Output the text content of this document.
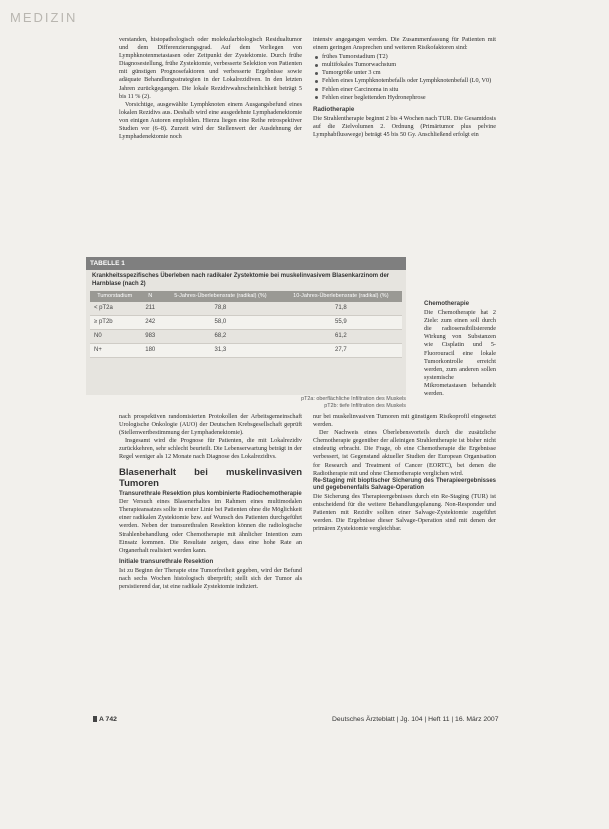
MEDIZIN

verstanden, histopathologisch oder molekularbiologisch Residualtumor und dem Differenzierungsgrad. Auf dem Vorliegen von Lymphknotenmetastasen oder Zeitpunkt der Zystektomie. Durch frühe Diagnosestellung, frühe Zystektomie, verbesserte Selektion von Patienten mit günstigen Prognosefaktoren und verbesserte Ergebnisse sowie adäquate Behandlungsstrategien in der Lokalrezidiven. In den letzten Jahren zurückgegangen. Die lokale Rezidivwahrscheinlichkeit beträgt 5 bis 11 % (2).

Vorsichtige, ausgewählte Lymphknoten einem Ausgangsbefund eines lokalen Rezidivs aus. Deshalb wird eine ausgedehnte Lymphadenektomie von einigen Autoren empfohlen. Hierzu liegen eine Reihe retrospektiver Studien vor (6–8). Zurzeit wird der Stellenwert der Ausdehnung der Lymphadenektomie noch

intensiv angegangen werden. Die Zusammenfassung für Patienten mit einem geringen Ansprechen und weiteren Risikofaktoren sind:

frühes Tumorstadium (T2)
multifokales Tumorwachstum
Tumorgröße unter 3 cm
Fehlen eines Lymphknotenbefalls oder Lymphknotenbefall (L0, V0)
Fehlen einer Carcinoma in situ
Fehlen einer begleitenden Hydronephrose
Radiotherapie

Die Strahlentherapie beginnt 2 bis 4 Wochen nach TUR. Die Gesamtdosis auf die Zielvolumen 2. Ordnung (Primärtumor plus pelvine Lymphabflusswege) beträgt 45 bis 50 Gy. Anschließend erfolgt ein

TABELLE 1
Krankheitsspezifisches Überleben nach radikaler Zystektomie bei muskelinvasivem Blasenkarzinom der Harnblase (nach 2)
Tumorstadium	N	5-Jahres-Überlebensrate (radikal) (%)	10-Jahres-Überlebensrate (radikal) (%)
< pT2a	211	78,8	71,8
≥ pT2b	242	58,0	55,9
N0	983	68,2	61,2
N+	180	31,3	27,7
pT2a: oberflächliche Infiltration des Muskels
pT2b: tiefe Infiltration des Muskels
Chemotherapie

Die Chemotherapie hat 2 Ziele: zum einen soll durch die radiosensibilisierende Wirkung von Substanzen wie Cisplatin und 5-Fluorouracil eine lokale Tumorkontrolle erreicht werden, zum anderen sollen systemische Mikrometastasen behandelt werden.

nach prospektiven randomisierten Protokollen der Arbeitsgemeinschaft Urologische Onkologie (AUO) der Deutschen Krebsgesellschaft geprüft (Stellenwertbestimmung der Lymphadenektomie).

Insgesamt wird die Prognose für Patienten, die mit Lokalrezidiv zurückkehren, sehr schlecht beurteilt. Die Lebenserwartung beträgt in der Regel weniger als 12 Monate nach Diagnose des Lokalrezidivs.

Blasenerhalt bei muskelinvasiven Tumoren
Transurethrale Resektion plus kombinierte Radiochemotherapie

Der Versuch eines Blasenerhaltes im Rahmen eines multimodalen Therapieansatzes sollte in erster Linie bei Patienten ohne die Möglichkeit einer radikalen Zystektomie bzw. auf Wunsch des Patienten durchgeführt werden. Neben der transurethralen Resektion können die radiologische Strahlenbehandlung oder Chemotherapie mit ähnlicher Intention zum Einsatz kommen. Die Resultate zeigen, dass eine hohe Rate an Organerhalt realisiert werden kann.

Initiale transurethrale Resektion

Ist zu Beginn der Therapie eine Tumorfreiheit gegeben, wird der Befund nach sechs Wochen histologisch überprüft; stellt sich der Tumor als persistierend dar, ist eine radikale Zystektomie indiziert.

nur bei muskelinvasiven Tumoren mit günstigem Risikoprofil eingesetzt werden.

Der Nachweis eines Überlebensvorteils durch die zusätzliche Chemotherapie gegenüber der alleinigen Strahlentherapie ist bisher nicht eindeutig erbracht. Die Frage, ob eine Chemotherapie die Ergebnisse verbessert, ist Gegenstand aktueller Studien der European Organisation for Research and Treatment of Cancer (EORTC), bei denen die Radiotherapie mit und ohne Chemotherapie verglichen wird.

Re-Staging mit bioptischer Sicherung des Therapieergebnisses und gegebenenfalls Salvage-Operation

Die Sicherung des Therapieergebnisses durch ein Re-Staging (TUR) ist entscheidend für die weitere Behandlungsplanung. Non-Responder und Patienten mit Rezidiv sollten einer Salvage-Zystektomie zugeführt werden. Die Ergebnisse dieser Salvage-Operation sind mit denen der primären Zystektomie vergleichbar.

A 742	Deutsches Ärzteblatt | Jg. 104 | Heft 11 | 16. März 2007
